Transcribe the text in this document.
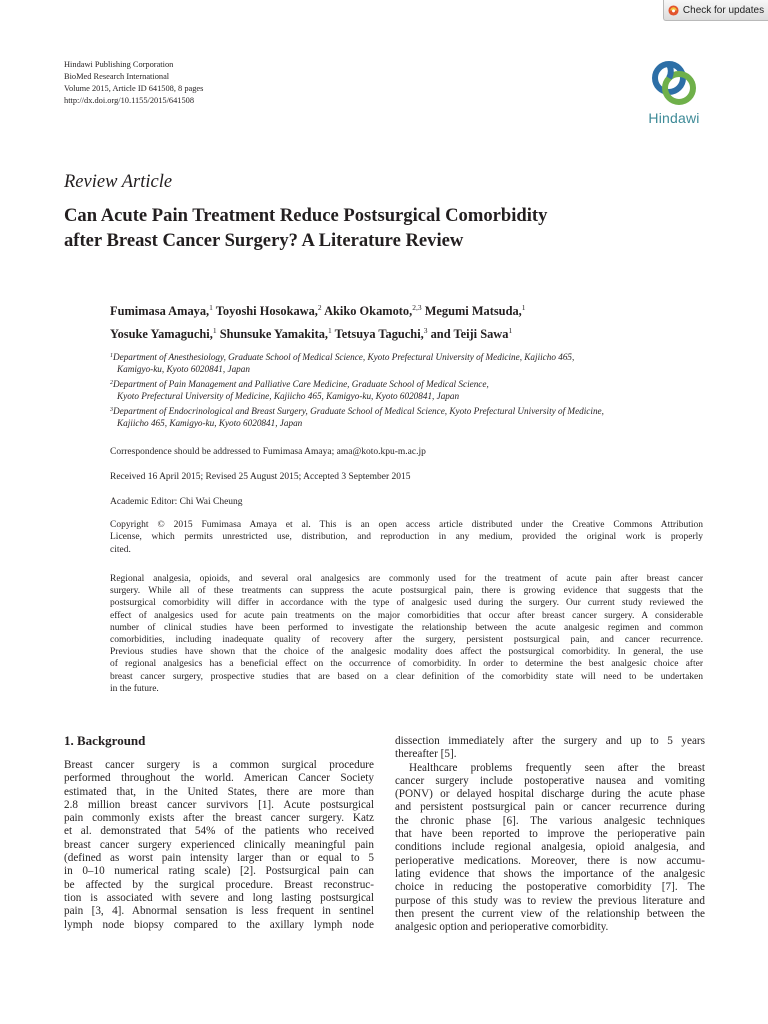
Check for updates
Hindawi Publishing Corporation
BioMed Research International
Volume 2015, Article ID 641508, 8 pages
http://dx.doi.org/10.1155/2015/641508
Hindawi
Review Article
Can Acute Pain Treatment Reduce Postsurgical Comorbidity
after Breast Cancer Surgery? A Literature Review
Fumimasa Amaya,$^1$ Toyoshi Hosokawa,$^2$ Akiko Okamoto,$^{2,3}$ Megumi Matsuda,$^1$
Yosuke Yamaguchi,$^1$ Shunsuke Yamakita,$^1$ Tetsuya Taguchi,$^3$ and Teiji Sawa$^1$
$^1$Department of Anesthesiology, Graduate School of Medical Science, Kyoto Prefectural University of Medicine, Kajiicho 465,
Kamigyo-ku, Kyoto 6020841, Japan
$^2$Department of Pain Management and Palliative Care Medicine, Graduate School of Medical Science,
Kyoto Prefectural University of Medicine, Kajiicho 465, Kamigyo-ku, Kyoto 6020841, Japan
$^3$Department of Endocrinological and Breast Surgery, Graduate School of Medical Science, Kyoto Prefectural University of Medicine,
Kajiicho 465, Kamigyo-ku, Kyoto 6020841, Japan
Correspondence should be addressed to Fumimasa Amaya; ama@koto.kpu-m.ac.jp
Received 16 April 2015; Revised 25 August 2015; Accepted 3 September 2015
Academic Editor: Chi Wai Cheung
Copyright © 2015 Fumimasa Amaya et al. This is an open access article distributed under the Creative Commons Attribution
License, which permits unrestricted use, distribution, and reproduction in any medium, provided the original work is properly
cited.
Regional analgesia, opioids, and several oral analgesics are commonly used for the treatment of acute pain after breast cancer
surgery. While all of these treatments can suppress the acute postsurgical pain, there is growing evidence that suggests that the
postsurgical comorbidity will differ in accordance with the type of analgesic used during the surgery. Our current study reviewed the
effect of analgesics used for acute pain treatments on the major comorbidities that occur after breast cancer surgery. A considerable
number of clinical studies have been performed to investigate the relationship between the acute analgesic regimen and common
comorbidities, including inadequate quality of recovery after the surgery, persistent postsurgical pain, and cancer recurrence.
Previous studies have shown that the choice of the analgesic modality does affect the postsurgical comorbidity. In general, the use
of regional analgesics has a beneficial effect on the occurrence of comorbidity. In order to determine the best analgesic choice after
breast cancer surgery, prospective studies that are based on a clear definition of the comorbidity state will need to be undertaken
in the future.
1. Background
Breast cancer surgery is a common surgical procedure
performed throughout the world. American Cancer Society
estimated that, in the United States, there are more than
2.8 million breast cancer survivors [1]. Acute postsurgical
pain commonly exists after the breast cancer surgery. Katz
et al. demonstrated that 54% of the patients who received
breast cancer surgery experienced clinically meaningful pain
(defined as worst pain intensity larger than or equal to 5
in 0–10 numerical rating scale) [2]. Postsurgical pain can
be affected by the surgical procedure. Breast reconstruc-
tion is associated with severe and long lasting postsurgical
pain [3, 4]. Abnormal sensation is less frequent in sentinel
lymph node biopsy compared to the axillary lymph node
dissection immediately after the surgery and up to 5 years
thereafter [5].
Healthcare problems frequently seen after the breast
cancer surgery include postoperative nausea and vomiting
(PONV) or delayed hospital discharge during the acute phase
and persistent postsurgical pain or cancer recurrence during
the chronic phase [6]. The various analgesic techniques
that have been reported to improve the perioperative pain
conditions include regional analgesia, opioid analgesia, and
perioperative medications. Moreover, there is now accumu-
lating evidence that shows the importance of the analgesic
choice in reducing the postoperative comorbidity [7]. The
purpose of this study was to review the previous literature and
then present the current view of the relationship between the
analgesic option and perioperative comorbidity.
